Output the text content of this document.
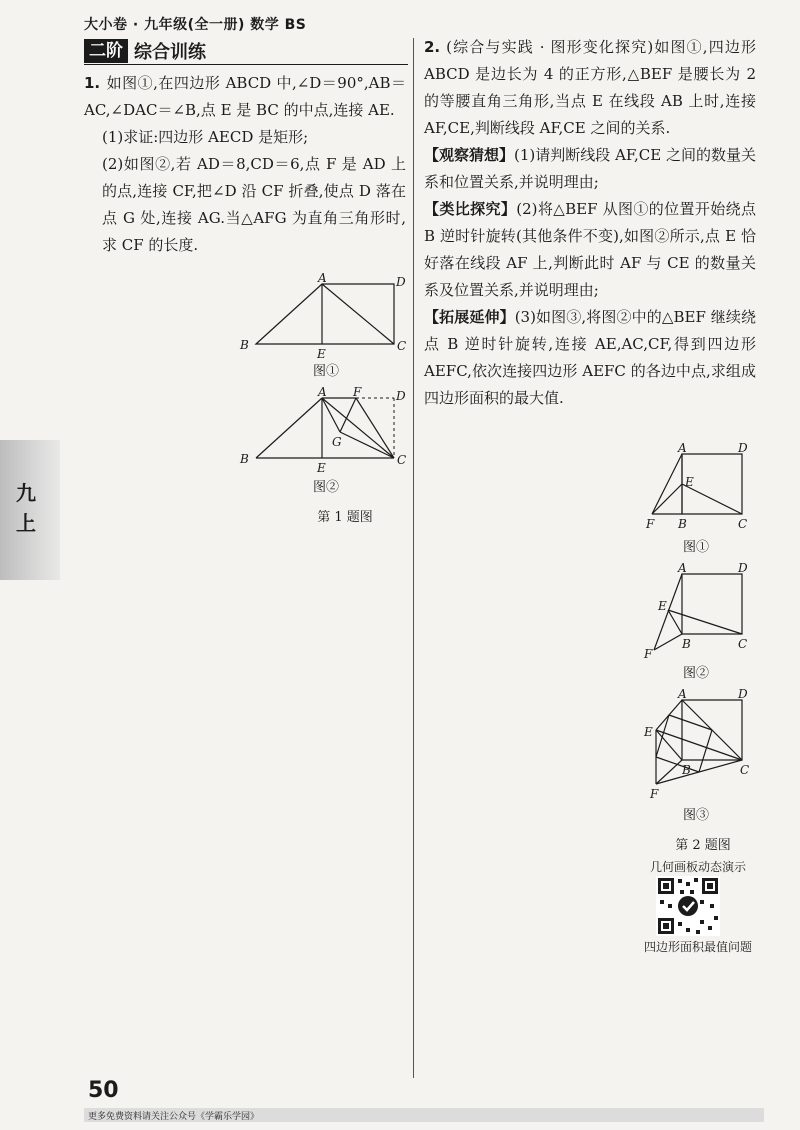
大小卷 · 九年级(全一册) 数学 BS
二阶 综合训练

1. 如图①,在四边形 ABCD 中,∠D＝90°,AB＝AC,∠DAC＝∠B,点 E 是 BC 的中点,连接 AE.

(1)求证:四边形 AECD 是矩形;

(2)如图②,若 AD＝8,CD＝6,点 F 是 AD 上的点,连接 CF,把∠D 沿 CF 折叠,使点 D 落在点 G 处,连接 AG.当△AFG 为直角三角形时,求 CF 的长度.

A	D
B
E
C
图①
A F	D
G
B
E
C
图②
第 1 题图

2. (综合与实践 · 图形变化探究)如图①,四边形 ABCD 是边长为 4 的正方形,△BEF 是腰长为 2 的等腰直角三角形,当点 E 在线段 AB 上时,连接 AF,CE,判断线段 AF,CE 之间的关系.

【观察猜想】(1)请判断线段 AF,CE 之间的数量关系和位置关系,并说明理由;

【类比探究】(2)将△BEF 从图①的位置开始绕点 B 逆时针旋转(其他条件不变),如图②所示,点 E 恰好落在线段 AF 上,判断此时 AF 与 CE 的数量关系及位置关系,并说明理由;

【拓展延伸】(3)如图③,将图②中的△BEF 继续绕点 B 逆时针旋转,连接 AE,AC,CF,得到四边形 AEFC,依次连接四边形 AEFC 的各边中点,求组成四边形面积的最大值.

A	D
E
F B	C
图①
A	D
E
B	C
F
图②
A	D
E
B	C
F
图③
第 2 题图
几何画板动态演示
四边形面积最值问题
九
上
50
更多免费资料请关注公众号《学霸乐学园》
